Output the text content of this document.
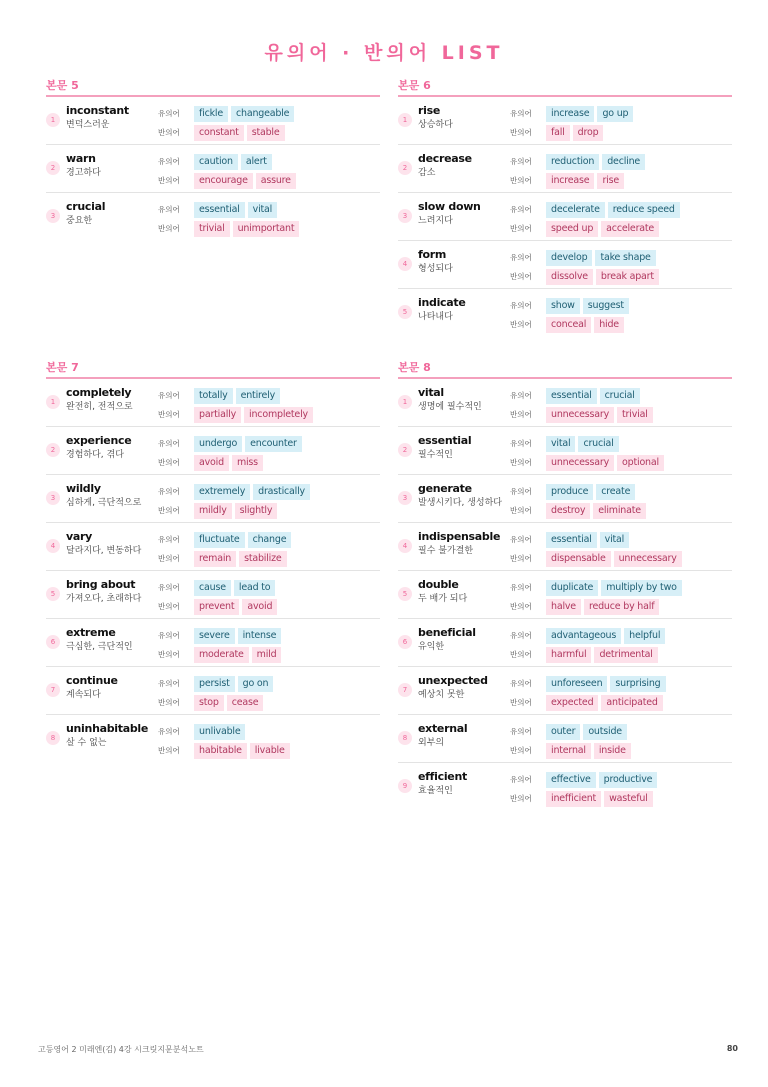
유의어 · 반의어 LIST
본문 5
1
inconstant
변덕스러운
유의어	fickle	changeable
반의어	constant	stable
2
warn
경고하다
유의어	caution	alert
반의어	encourage	assure
3
crucial
중요한
유의어	essential	vital
반의어	trivial	unimportant
본문 6
1
rise
상승하다
유의어	increase	go up
반의어	fall	drop
2
decrease
감소
유의어	reduction	decline
반의어	increase	rise
3
slow down
느려지다
유의어	decelerate	reduce speed
반의어	speed up	accelerate
4
form
형성되다
유의어	develop	take shape
반의어	dissolve	break apart
5
indicate
나타내다
유의어	show	suggest
반의어	conceal	hide
본문 7
1
completely
완전히, 전적으로
유의어	totally	entirely
반의어	partially	incompletely
2
experience
경험하다, 겪다
유의어	undergo	encounter
반의어	avoid	miss
3
wildly
심하게, 극단적으로
유의어	extremely	drastically
반의어	mildly	slightly
4
vary
달라지다, 변동하다
유의어	fluctuate	change
반의어	remain	stabilize
5
bring about
가져오다, 초래하다
유의어	cause	lead to
반의어	prevent	avoid
6
extreme
극심한, 극단적인
유의어	severe	intense
반의어	moderate	mild
7
continue
계속되다
유의어	persist	go on
반의어	stop	cease
8
uninhabitable
살 수 없는
유의어	unlivable
반의어	habitable	livable
본문 8
1
vital
생명에 필수적인
유의어	essential	crucial
반의어	unnecessary	trivial
2
essential
필수적인
유의어	vital	crucial
반의어	unnecessary	optional
3
generate
발생시키다, 생성하다
유의어	produce	create
반의어	destroy	eliminate
4
indispensable
필수 불가결한
유의어	essential	vital
반의어	dispensable	unnecessary
5
double
두 배가 되다
유의어	duplicate	multiply by two
반의어	halve	reduce by half
6
beneficial
유익한
유의어	advantageous	helpful
반의어	harmful	detrimental
7
unexpected
예상치 못한
유의어	unforeseen	surprising
반의어	expected	anticipated
8
external
외부의
유의어	outer	outside
반의어	internal	inside
9
efficient
효율적인
유의어	effective	productive
반의어	inefficient	wasteful
고등영어 2 미래엔(김) 4강 시크릿지문분석노트	80
